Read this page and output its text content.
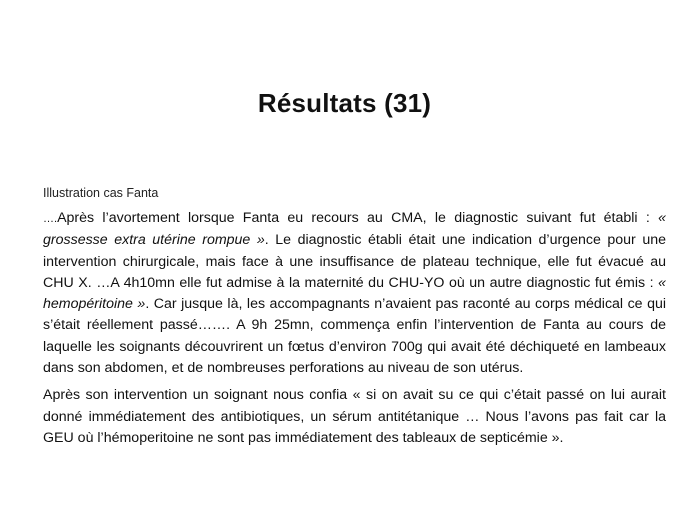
Résultats (31)
Illustration cas Fanta

….Après l’avortement lorsque Fanta eu recours au CMA, le diagnostic suivant fut établi : « grossesse extra utérine rompue ». Le diagnostic établi était une indication d’urgence pour une intervention chirurgicale, mais face à une insuffisance de plateau technique, elle fut évacué au CHU X. …A 4h10mn elle fut admise à la maternité du CHU-YO où un autre diagnostic fut émis : « hemopéritoine ». Car jusque là, les accompagnants n’avaient pas raconté au corps médical ce qui s’était réellement passé……. A 9h 25mn, commença enfin l’intervention de Fanta au cours de laquelle les soignants découvrirent un fœtus d’environ 700g qui avait été déchiqueté en lambeaux dans son abdomen, et de nombreuses perforations au niveau de son utérus.

Après son intervention un soignant nous confia « si on avait su ce qui c’était passé on lui aurait donné immédiatement des antibiotiques, un sérum antitétanique … Nous l’avons pas fait car la GEU où l’hémoperitoine ne sont pas immédiatement des tableaux de septicémie ».
